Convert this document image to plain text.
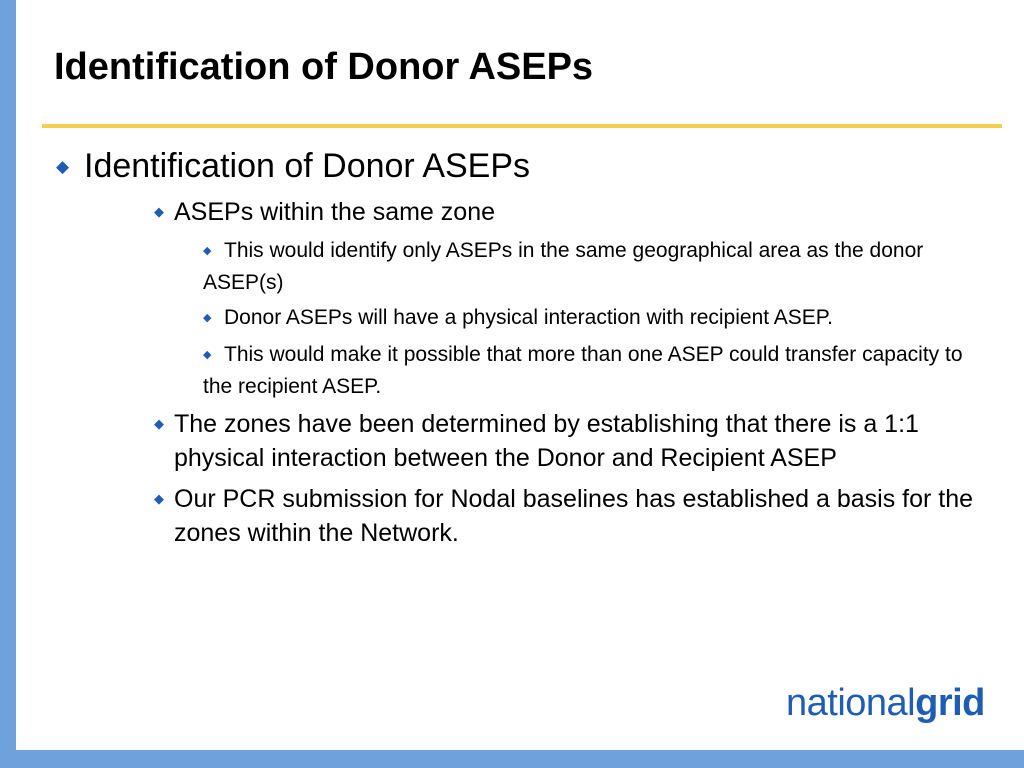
Identification of Donor ASEPs
◆ Identification of Donor ASEPs
◆ ASEPs within the same zone
◆ This would identify only ASEPs in the same geographical area as the donor ASEP(s)
◆ Donor ASEPs will have a physical interaction with recipient ASEP.
◆ This would make it possible that more than one ASEP could transfer capacity to the recipient ASEP.
◆ The zones have been determined by establishing that there is a 1:1 physical interaction between the Donor and Recipient ASEP
◆ Our PCR submission for Nodal baselines has established a basis for the zones within the Network.
nationalgrid
